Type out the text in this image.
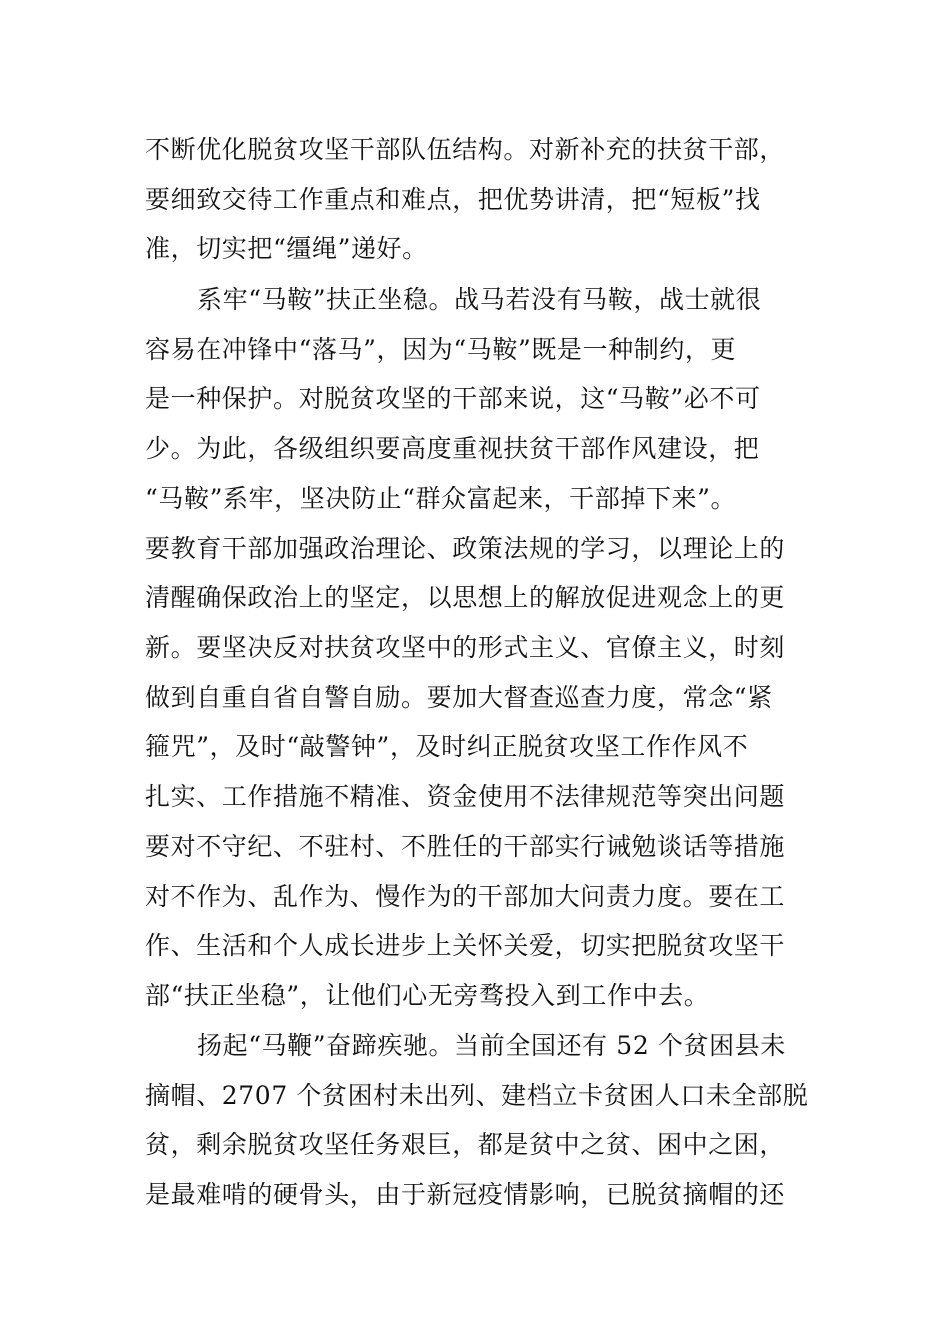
不断优化脱贫攻坚干部队伍结构。对新补充的扶贫干部，
要细致交待工作重点和难点，把优势讲清，把“短板”找
准，切实把“缰绳”递好。
系牢“马鞍”扶正坐稳。战马若没有马鞍，战士就很
容易在冲锋中“落马”，因为“马鞍”既是一种制约，更
是一种保护。对脱贫攻坚的干部来说，这“马鞍”必不可
少。为此，各级组织要高度重视扶贫干部作风建设，把
“马鞍”系牢，坚决防止“群众富起来，干部掉下来”。
要教育干部加强政治理论、政策法规的学习，以理论上的
清醒确保政治上的坚定，以思想上的解放促进观念上的更
新。要坚决反对扶贫攻坚中的形式主义、官僚主义，时刻
做到自重自省自警自励。要加大督查巡查力度，常念“紧
箍咒”，及时“敲警钟”，及时纠正脱贫攻坚工作作风不
扎实、工作措施不精准、资金使用不法律规范等突出问题
要对不守纪、不驻村、不胜任的干部实行诫勉谈话等措施
对不作为、乱作为、慢作为的干部加大问责力度。要在工
作、生活和个人成长进步上关怀关爱，切实把脱贫攻坚干
部“扶正坐稳”，让他们心无旁骛投入到工作中去。
扬起“马鞭”奋蹄疾驰。当前全国还有 52 个贫困县未
摘帽、2707 个贫困村未出列、建档立卡贫困人口未全部脱
贫，剩余脱贫攻坚任务艰巨，都是贫中之贫、困中之困，
是最难啃的硬骨头，由于新冠疫情影响，已脱贫摘帽的还
